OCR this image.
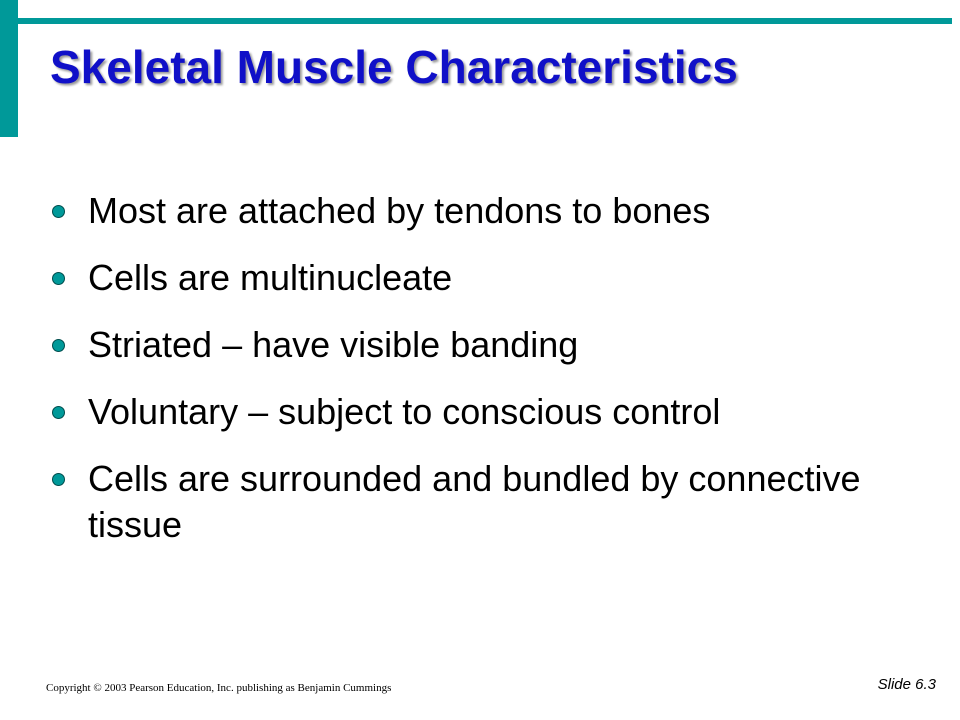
Skeletal Muscle Characteristics
Most are attached by tendons to bones
Cells are multinucleate
Striated – have visible banding
Voluntary – subject to conscious control
Cells are surrounded and bundled by connective tissue
Copyright © 2003 Pearson Education, Inc. publishing as Benjamin Cummings	Slide 6.3
